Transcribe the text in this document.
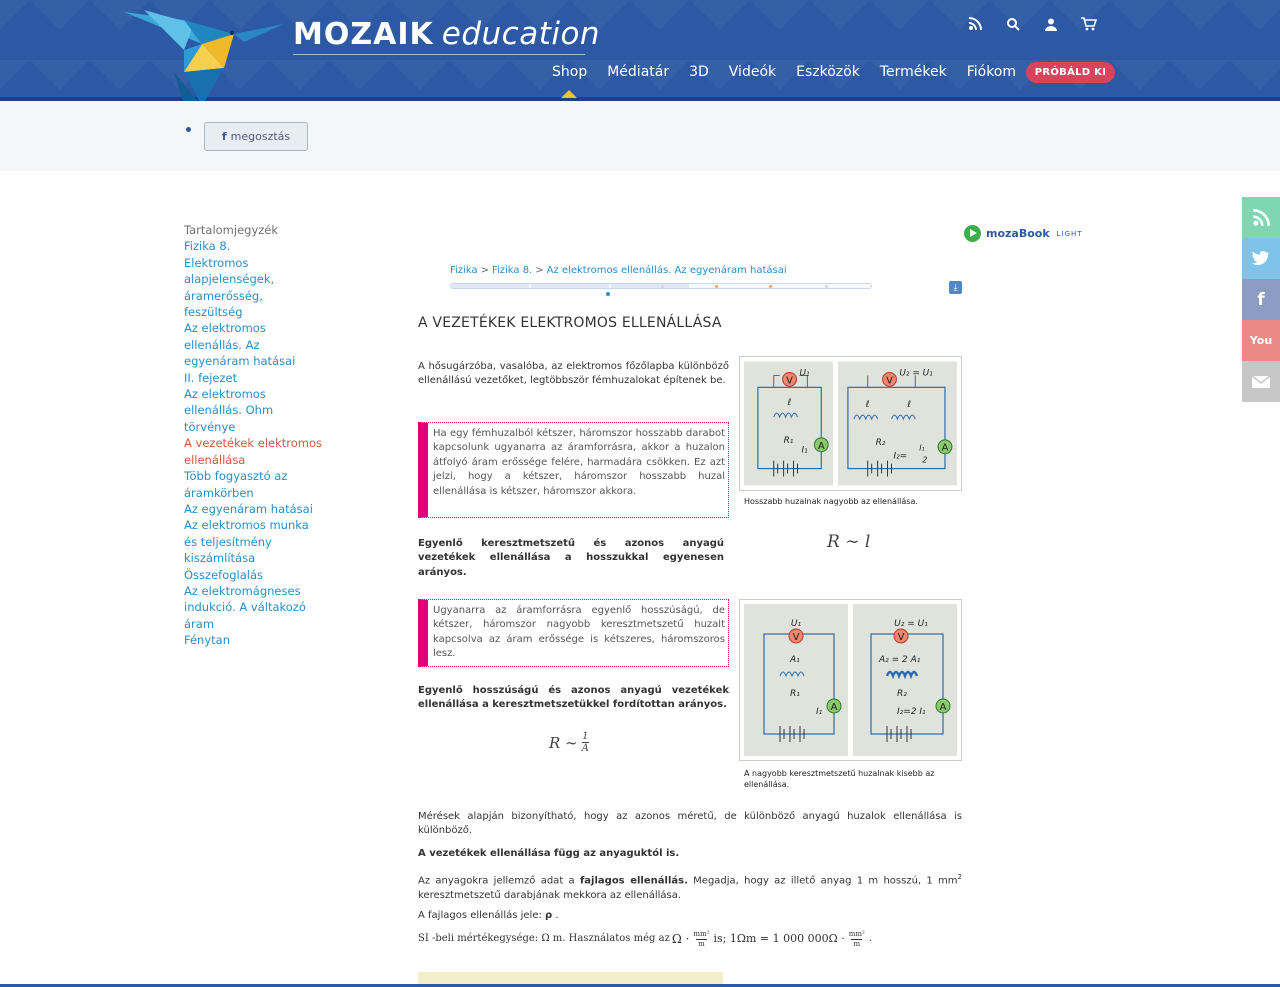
MOZAIK education
Shop Médiatár 3D Videók Eszközök Termékek Fiókom	PRÓBÁLD KI
f megosztás
f
You
Tartalomjegyzék
Fizika 8.
Elektromos alapjelenségek, áramerősség, feszültség
Az elektromos ellenállás. Az egyenáram hatásai
II. fejezet
Az elektromos ellenállás. Ohm törvénye
A vezetékek elektromos ellenállása
Több fogyasztó az áramkörben
Az egyenáram hatásai
Az elektromos munka és teljesítmény kiszámlítása
Összefoglalás
Az elektromágneses indukció. A váltakozó áram
Fénytan
mozaBook LIGHT
Fizika > Fizika 8. > Az elektromos ellenállás. Az egyenáram hatásai
⤓
A VEZETÉKEK ELEKTROMOS ELLENÁLLÁSA
A hősugárzóba, vasalóba, az elektromos főzőlapba különböző ellenállású vezetőket, legtöbbször fémhuzalokat építenek be.
Ha egy fémhuzalból kétszer, háromszor hosszabb darabot kapcsolunk ugyanarra az áramforrásra, akkor a huzalon átfolyó áram erőssége felére, harmadára csökken. Ez azt jelzi, hogy a kétszer, háromszor hosszabb huzal ellenállása is kétszer, háromszor akkora.
V
U₁
ℓ
R₁
I₁ A
V
U₂ = U₁
ℓ	ℓ
R₂
I₂=
I₁
2
A
Hosszabb huzalnak nagyobb az ellenállása.
Egyenlő keresztmetszetű és azonos anyagú vezetékek ellenállása a hosszukkal egyenesen arányos.
R ∼ l
Ugyanarra az áramforrásra egyenlő hosszúságú, de kétszer, háromszor nagyobb keresztmetszetű huzalt kapcsolva az áram erőssége is kétszeres, háromszoros lesz.
U₁
V
A₁
R₁
I₁ A
U₂ = U₁
V
A₂ = 2 A₁
R₂
I₂=2 I₁ A
A nagyobb keresztmetszetű huzalnak kisebb az ellenállása.
Egyenlő hosszúságú és azonos anyagú vezetékek ellenállása a keresztmetszetükkel fordítottan arányos.
R ∼ $\frac{1}{A}$
Mérések alapján bizonyítható, hogy az azonos méretű, de különböző anyagú huzalok ellenállása is különböző.
A vezetékek ellenállása függ az anyaguktól is.
Az anyagokra jellemző adat a fajlagos ellenállás. Megadja, hogy az illető anyag 1 m hosszú, 1 $mm^2$ keresztmetszetű darabjának mekkora az ellenállása.
A fajlagos ellenállás jele: ρ .
SI -beli mértékegysége: Ω m. Használatos még az $\Omega \cdot \frac{\text{mm²}}{m}$ is; 1Ωm = 1 000 $000\Omega \cdot \frac{\text{mm²}}{m}$ .
